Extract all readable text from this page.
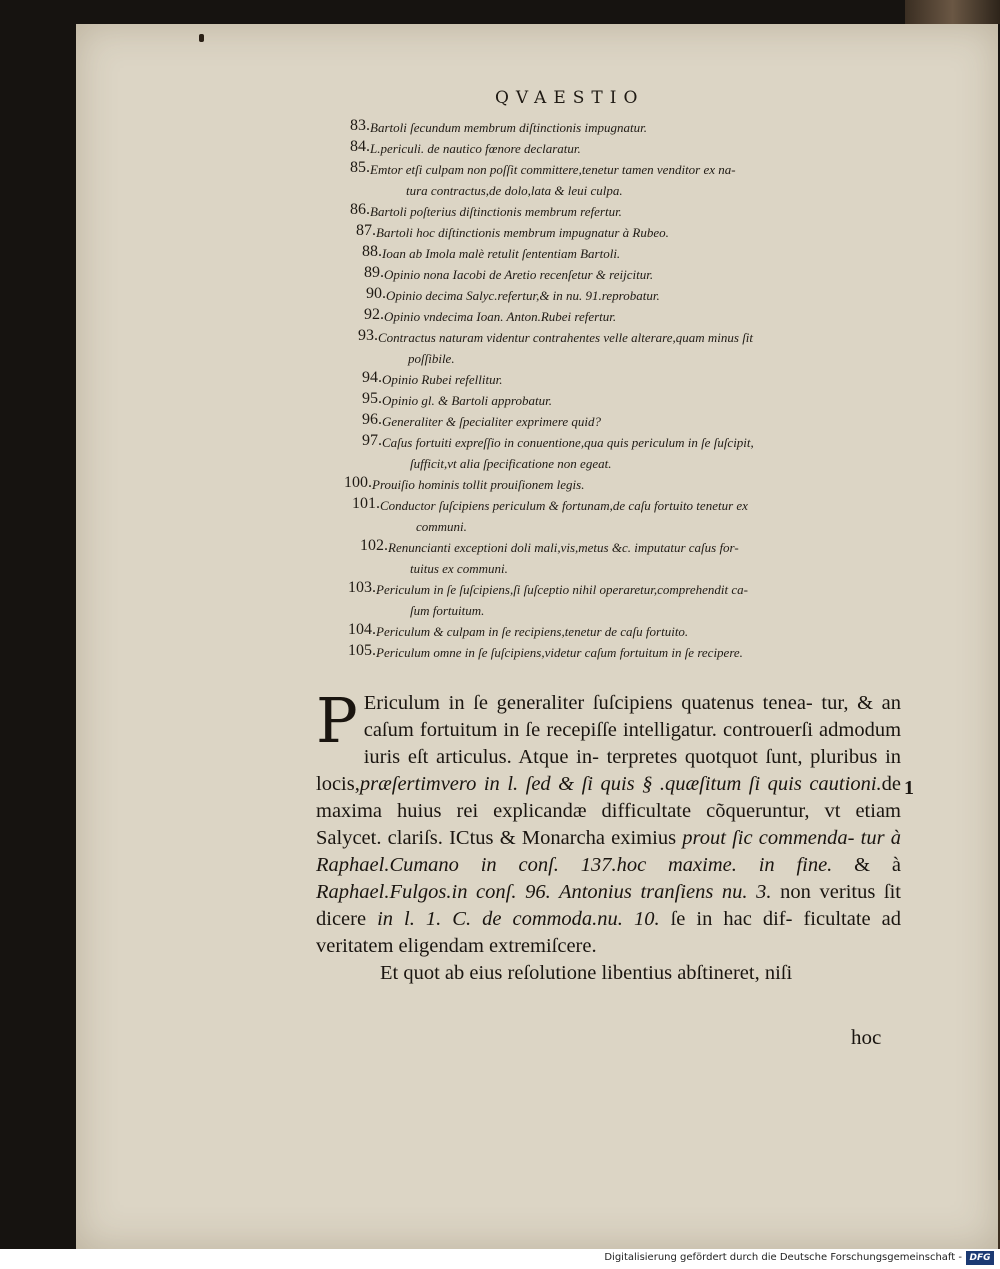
QVAESTIO
83. Bartoli ſecundum membrum diſtinctionis impugnatur.
84. L.periculi. de nautico fœnore declaratur.
85. Emtor etſi culpam non poſſit committere,tenetur tamen venditor ex na-
tura contractus,de dolo,lata & leui culpa.
86. Bartoli poſterius diſtinctionis membrum refertur.
87. Bartoli hoc diſtinctionis membrum impugnatur à Rubeo.
88. Ioan ab Imola malè retulit ſententiam Bartoli.
89. Opinio nona Iacobi de Aretio recenſetur & reijcitur.
90. Opinio decima Salyc.refertur,& in nu. 91.reprobatur.
92. Opinio vndecima Ioan. Anton.Rubei refertur.
93. Contractus naturam videntur contrahentes velle alterare,quam minus ſit
poſſibile.
94. Opinio Rubei refellitur.
95. Opinio gl. & Bartoli approbatur.
96. Generaliter & ſpecialiter exprimere quid?
97. Caſus fortuiti expreſſio in conuentione,qua quis periculum in ſe ſuſcipit,
ſufficit,vt alia ſpecificatione non egeat.
100. Prouiſio hominis tollit prouiſionem legis.
101. Conductor ſuſcipiens periculum & fortunam,de caſu fortuito tenetur ex
communi.
102. Renuncianti exceptioni doli mali,vis,metus &c. imputatur caſus for-
tuitus ex communi.
103. Periculum in ſe ſuſcipiens,ſi ſuſceptio nihil operaretur,comprehendit ca-
ſum fortuitum.
104. Periculum & culpam in ſe recipiens,tenetur de caſu fortuito.
105. Periculum omne in ſe ſuſcipiens,videtur caſum fortuitum in ſe recipere.
P Ericulum in ſe generaliter ſuſcipiens quatenus tenea- tur, & an caſum fortuitum in ſe recepiſſe intelligatur. controuerſi admodum iuris eſt articulus. Atque in- terpretes quotquot ſunt, pluribus in locis,præſertimvero in l. ſed & ſi quis § .quæſitum ſi quis cautioni.de maxima huius rei explicandæ difficultate cõqueruntur, vt etiam Salycet. clariſs. ICtus & Monarcha eximius prout ſic commenda- tur à Raphael.Cumano in conſ. 137.hoc maxime. in fine. & à Raphael.Fulgos.in conſ. 96. Antonius tranſiens nu. 3. non veritus ſit dicere in l. 1. C. de commoda.nu. 10. ſe in hac dif- ficultate ad veritatem eligendam extremiſcere.
Et quot ab eius reſolutione libentius abſtineret, niſi
1
hoc
Digitalisierung gefördert durch die Deutsche Forschungsgemeinschaft - DFG
